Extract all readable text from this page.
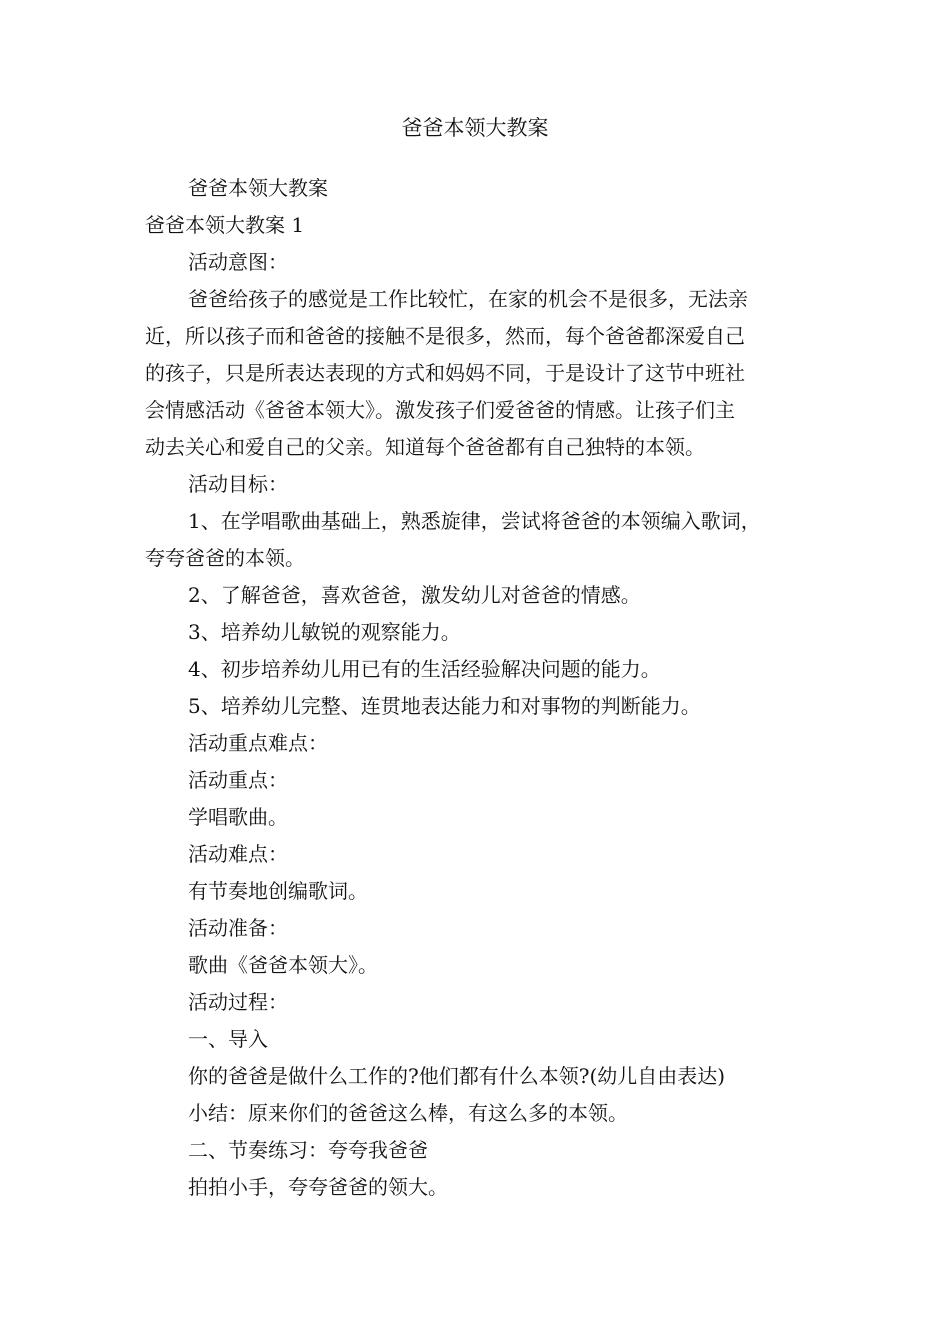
爸爸本领大教案
爸爸本领大教案
爸爸本领大教案 1
活动意图：
爸爸给孩子的感觉是工作比较忙，在家的机会不是很多，无法亲
近，所以孩子而和爸爸的接触不是很多，然而，每个爸爸都深爱自己
的孩子，只是所表达表现的方式和妈妈不同，于是设计了这节中班社
会情感活动《爸爸本领大》。激发孩子们爱爸爸的情感。让孩子们主
动去关心和爱自己的父亲。知道每个爸爸都有自己独特的本领。
活动目标：
1、在学唱歌曲基础上，熟悉旋律，尝试将爸爸的本领编入歌词，
夸夸爸爸的本领。
2、了解爸爸，喜欢爸爸，激发幼儿对爸爸的情感。
3、培养幼儿敏锐的观察能力。
4、初步培养幼儿用已有的生活经验解决问题的能力。
5、培养幼儿完整、连贯地表达能力和对事物的判断能力。
活动重点难点：
活动重点：
学唱歌曲。
活动难点：
有节奏地创编歌词。
活动准备：
歌曲《爸爸本领大》。
活动过程：
一、导入
你的爸爸是做什么工作的?他们都有什么本领?(幼儿自由表达)
小结：原来你们的爸爸这么棒，有这么多的本领。
二、节奏练习：夸夸我爸爸
拍拍小手，夸夸爸爸的领大。
